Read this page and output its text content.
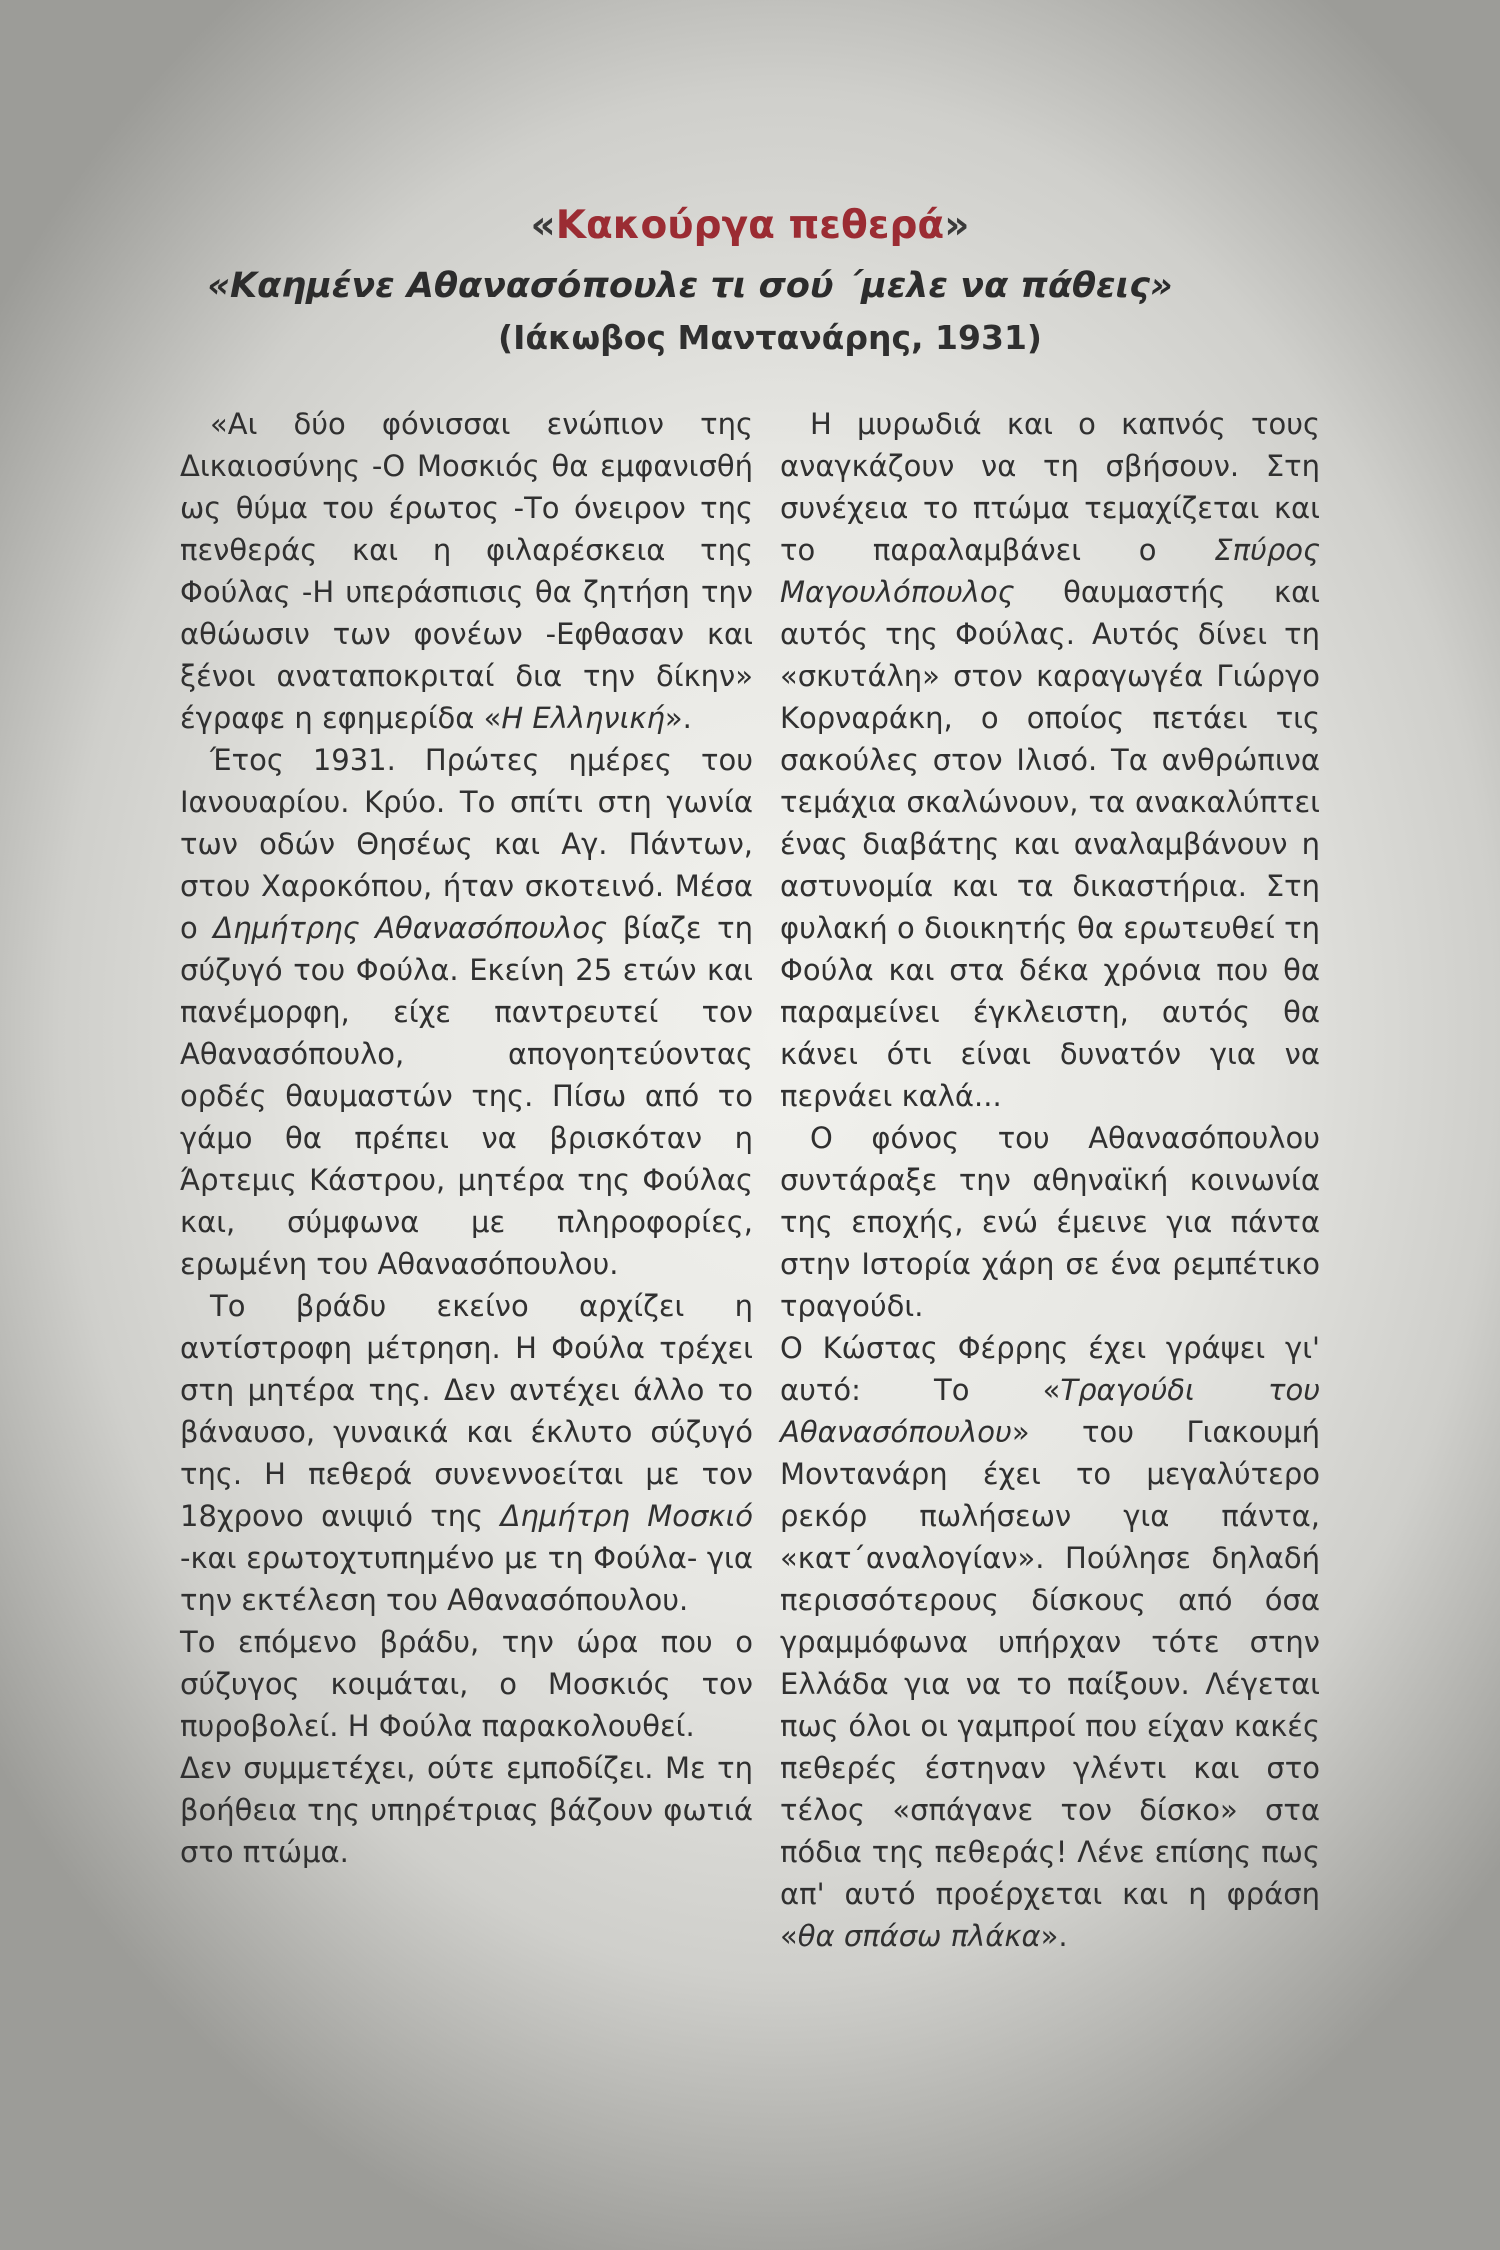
«Κακούργα πεθερά»
«Καημένε Αθανασόπουλε τι σού ΄μελε να πάθεις»
(Ιάκωβος Μαντανάρης, 1931)

«Αι δύο φόνισσαι ενώπιον της Δικαιοσύνης -Ο Μοσκιός θα εμφανισθή ως θύμα του έρωτος -Το όνειρον της πενθεράς και η φιλαρέσκεια της Φούλας -Η υπεράσπισις θα ζητήση την αθώωσιν των φονέων -Εφθασαν και ξένοι αναταποκριταί δια την δίκην» έγραφε η εφημερίδα «Η Ελληνική».

Έτος 1931. Πρώτες ημέρες του Ιανουαρίου. Κρύο. Το σπίτι στη γωνία των οδών Θησέως και Αγ. Πάντων, στου Χαροκόπου, ήταν σκοτεινό. Μέσα ο Δημήτρης Αθανασόπουλος βίαζε τη σύζυγό του Φούλα. Εκείνη 25 ετών και πανέμορφη, είχε παντρευτεί τον Αθανασόπουλο, απογοητεύοντας ορδές θαυμαστών της. Πίσω από το γάμο θα πρέπει να βρισκόταν η Άρτεμις Κάστρου, μητέρα της Φούλας και, σύμφωνα με πληροφορίες, ερωμένη του Αθανασόπουλου.

Το βράδυ εκείνο αρχίζει η αντίστροφη μέτρηση. Η Φούλα τρέχει στη μητέρα της. Δεν αντέχει άλλο το βάναυσο, γυναικά και έκλυτο σύζυγό της. Η πεθερά συνεννοείται με τον 18χρονο ανιψιό της Δημήτρη Μοσκιό -και ερωτοχτυπημένο με τη Φούλα- για την εκτέλεση του Αθανασόπουλου.

Το επόμενο βράδυ, την ώρα που ο σύζυγος κοιμάται, ο Μοσκιός τον πυροβολεί. Η Φούλα παρακολουθεί.

Δεν συμμετέχει, ούτε εμποδίζει. Με τη βοήθεια της υπηρέτριας βάζουν φωτιά στο πτώμα.

Η μυρωδιά και ο καπνός τους αναγκάζουν να τη σβήσουν. Στη συνέχεια το πτώμα τεμαχίζεται και το παραλαμβάνει ο Σπύρος Μαγουλόπουλος θαυμαστής και αυτός της Φούλας. Αυτός δίνει τη «σκυτάλη» στον καραγωγέα Γιώργο Κορναράκη, ο οποίος πετάει τις σακούλες στον Ιλισό. Τα ανθρώπινα τεμάχια σκαλώνουν, τα ανακαλύπτει ένας διαβάτης και αναλαμβάνουν η αστυνομία και τα δικαστήρια. Στη φυλακή ο διοικητής θα ερωτευθεί τη Φούλα και στα δέκα χρόνια που θα παραμείνει έγκλειστη, αυτός θα κάνει ότι είναι δυνατόν για να περνάει καλά...

Ο φόνος του Αθανασόπουλου συντάραξε την αθηναϊκή κοινωνία της εποχής, ενώ έμεινε για πάντα στην Ιστορία χάρη σε ένα ρεμπέτικο τραγούδι.

Ο Κώστας Φέρρης έχει γράψει γι' αυτό: Το «Τραγούδι του Αθανασόπουλου» του Γιακουμή Μοντανάρη έχει το μεγαλύτερο ρεκόρ πωλήσεων για πάντα, «κατ΄αναλογίαν». Πούλησε δηλαδή περισσότερους δίσκους από όσα γραμμόφωνα υπήρχαν τότε στην Ελλάδα για να το παίξουν. Λέγεται πως όλοι οι γαμπροί που είχαν κακές πεθερές έστηναν γλέντι και στο τέλος «σπάγανε τον δίσκο» στα πόδια της πεθεράς! Λένε επίσης πως απ' αυτό προέρχεται και η φράση «θα σπάσω πλάκα».
